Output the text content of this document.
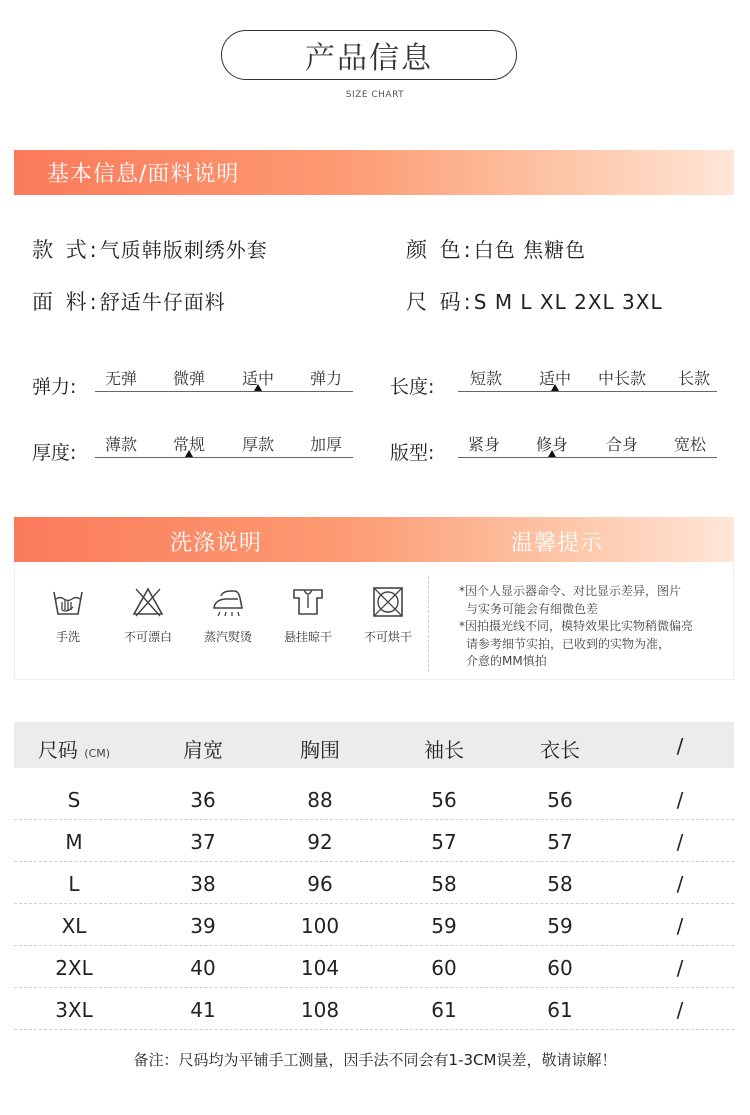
产品信息
SIZE CHART
基本信息/面料说明
款 式:气质韩版刺绣外套	颜 色:白色 焦糖色
面 料:舒适牛仔面料	尺 码:S M L XL 2XL 3XL
弹力: 无弹 微弹 适中 弹力	长度: 短款 适中 中长款 长款
厚度: 薄款 常规 厚款 加厚	版型: 紧身 修身 合身 宽松
洗涤说明	温馨提示
手洗	不可漂白	蒸汽熨烫	悬挂晾干	不可烘干
*因个人显示器命令、对比显示差异，图片
与实务可能会有细微色差
*因拍摄光线不同，模特效果比实物稍微偏亮
请参考细节实拍，已收到的实物为准，
介意的MM慎拍
尺码 (CM)	肩宽	胸围	袖长	衣长	/
S	36	88	56	56	/
M	37	92	57	57	/
L	38	96	58	58	/
XL	39	100	59	59	/
2XL	40	104	60	60	/
3XL	41	108	61	61	/
备注：尺码均为平铺手工测量，因手法不同会有1-3CM误差，敬请谅解！
